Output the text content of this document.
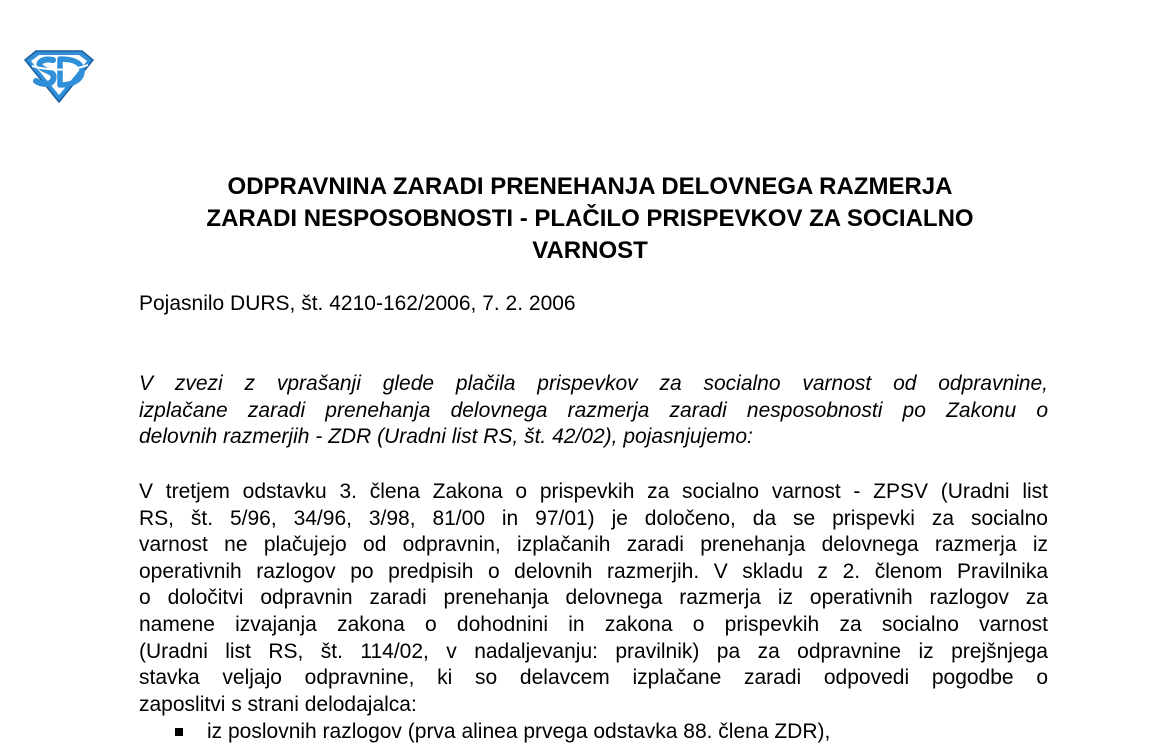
ODPRAVNINA ZARADI PRENEHANJA DELOVNEGA RAZMERJA
ZARADI NESPOSOBNOSTI - PLAČILO PRISPEVKOV ZA SOCIALNO
VARNOST
Pojasnilo DURS, št. 4210-162/2006, 7. 2. 2006
V zvezi z vprašanji glede plačila prispevkov za socialno varnost od odpravnine,
izplačane zaradi prenehanja delovnega razmerja zaradi nesposobnosti po Zakonu o
delovnih razmerjih - ZDR (Uradni list RS, št. 42/02), pojasnjujemo:
V tretjem odstavku 3. člena Zakona o prispevkih za socialno varnost - ZPSV (Uradni list
RS, št. 5/96, 34/96, 3/98, 81/00 in 97/01) je določeno, da se prispevki za socialno
varnost ne plačujejo od odpravnin, izplačanih zaradi prenehanja delovnega razmerja iz
operativnih razlogov po predpisih o delovnih razmerjih. V skladu z 2. členom Pravilnika
o določitvi odpravnin zaradi prenehanja delovnega razmerja iz operativnih razlogov za
namene izvajanja zakona o dohodnini in zakona o prispevkih za socialno varnost
(Uradni list RS, št. 114/02, v nadaljevanju: pravilnik) pa za odpravnine iz prejšnjega
stavka veljajo odpravnine, ki so delavcem izplačane zaradi odpovedi pogodbe o
zaposlitvi s strani delodajalca:
iz poslovnih razlogov (prva alinea prvega odstavka 88. člena ZDR),
